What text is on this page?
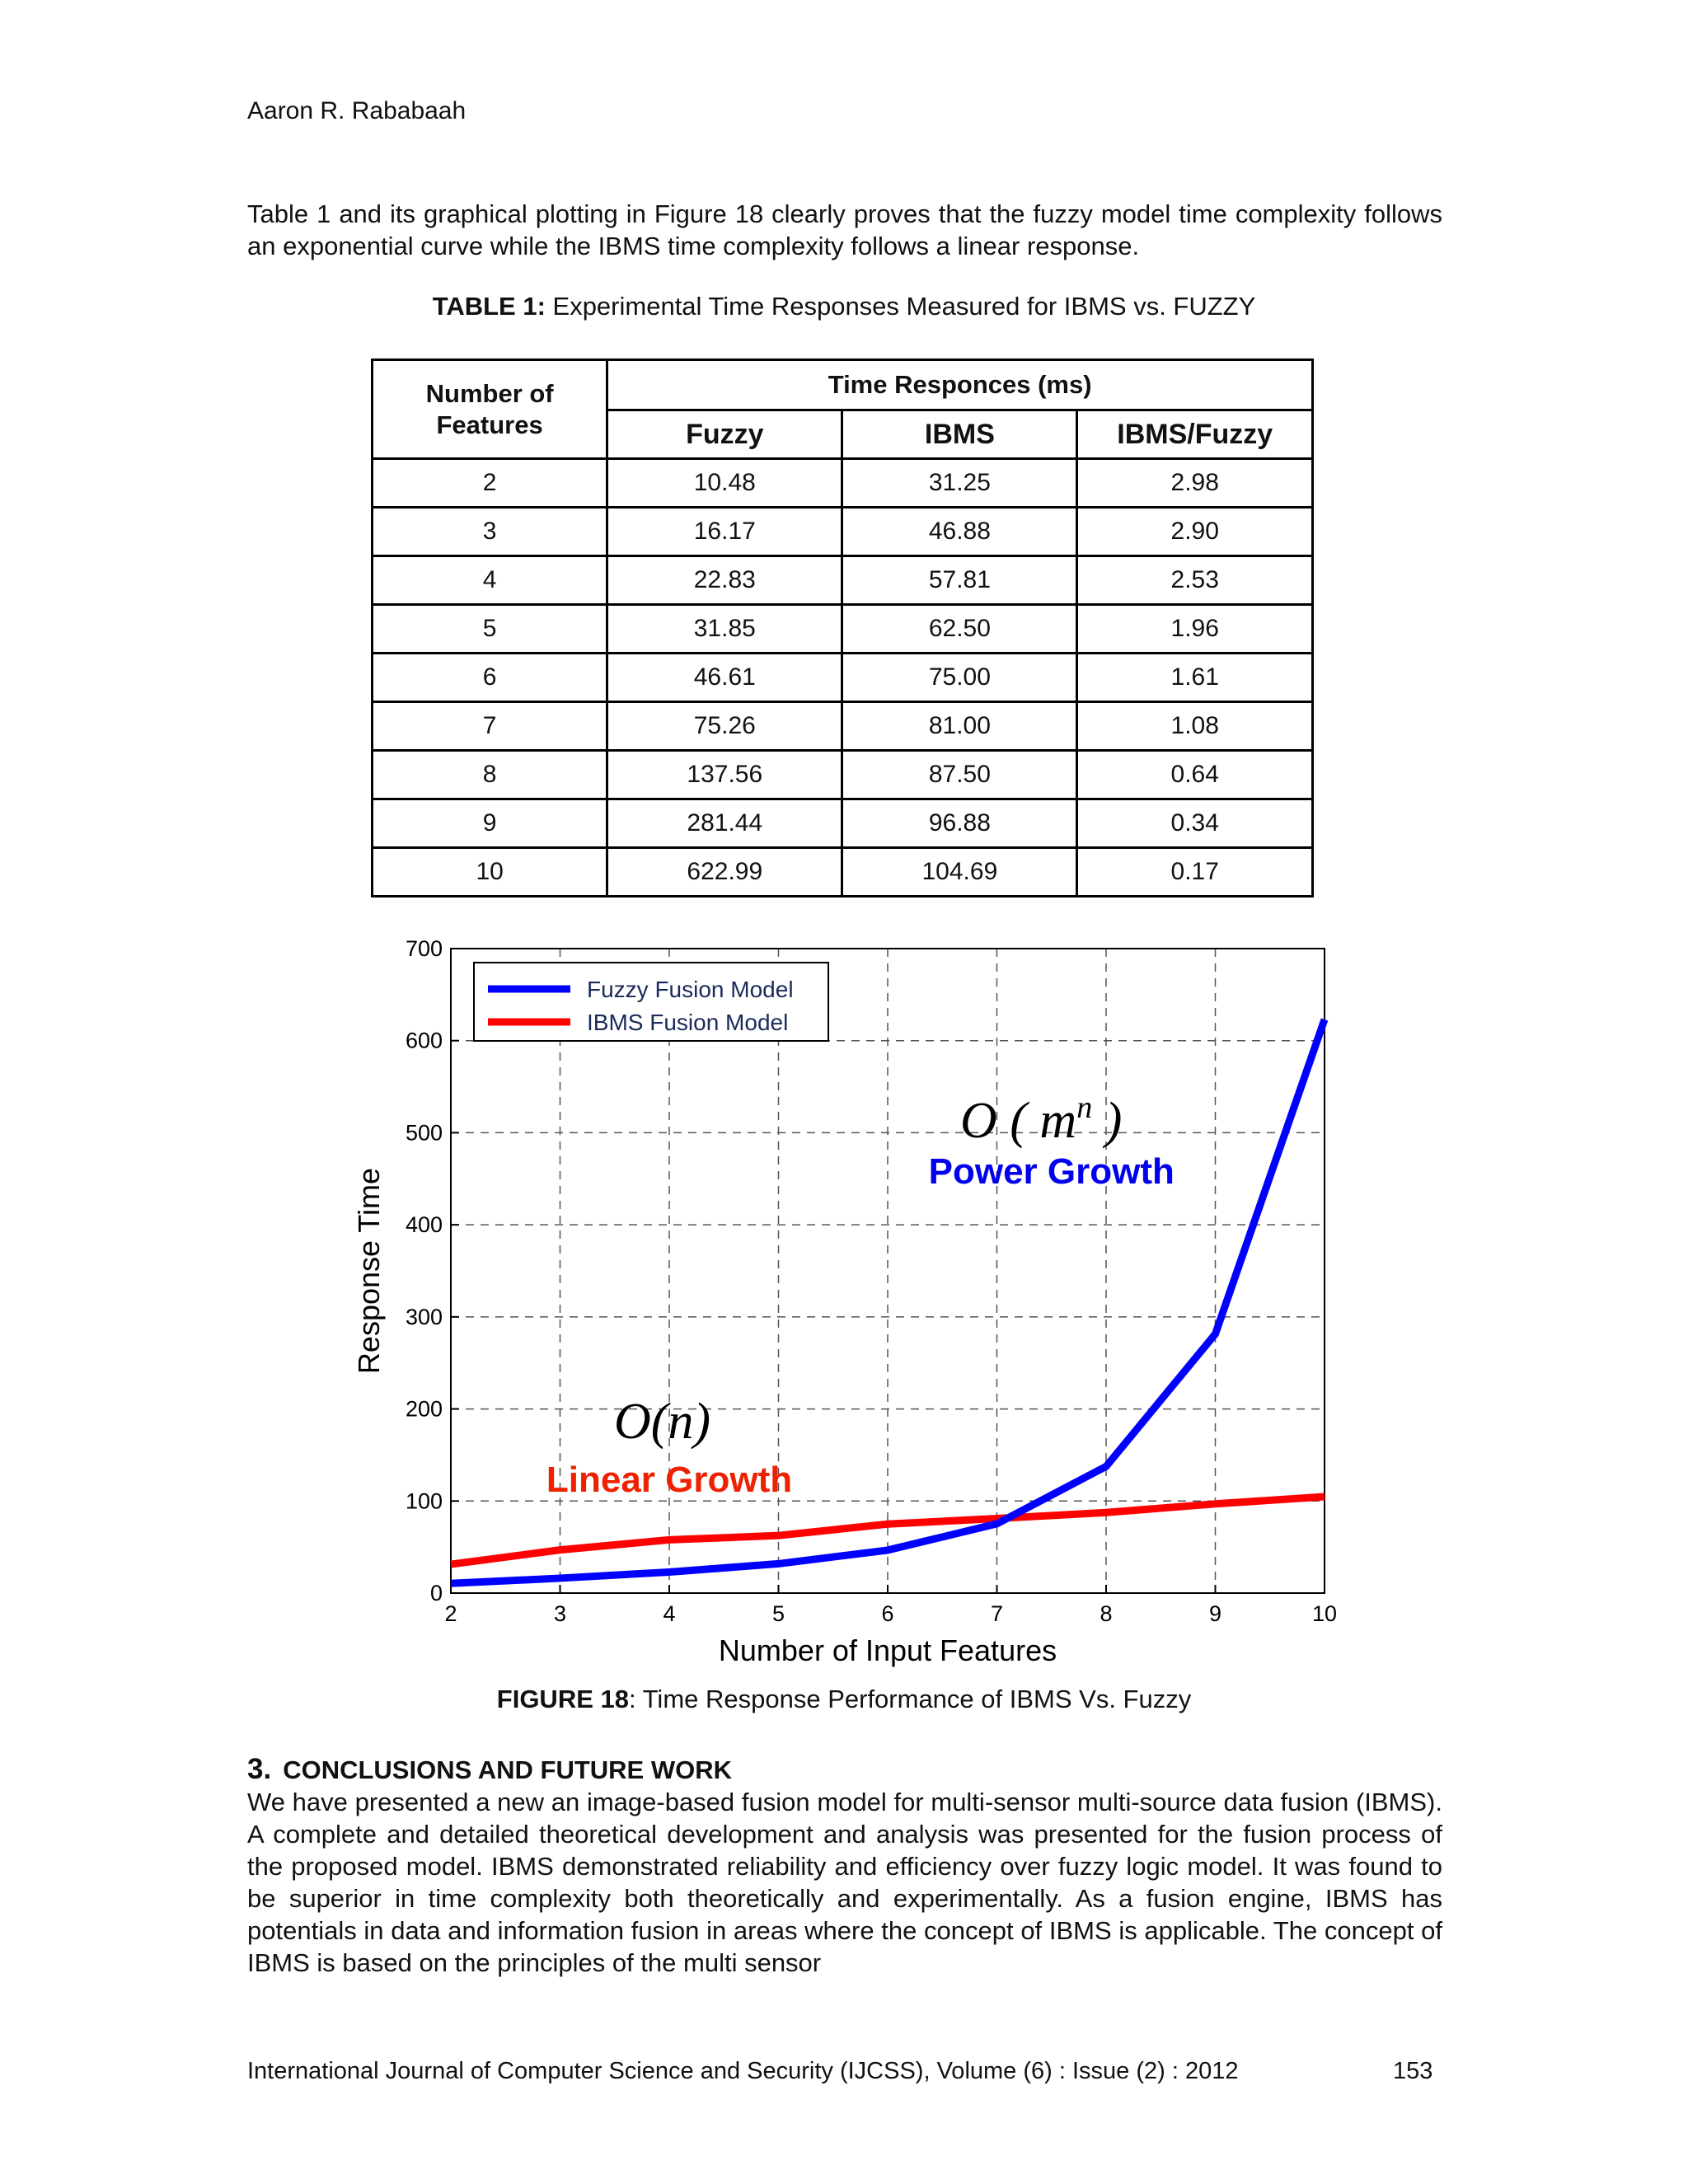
Aaron R. Rababaah
Table 1 and its graphical plotting in Figure 18 clearly proves that the fuzzy model time complexity follows an exponential curve while the IBMS time complexity follows a linear response.
TABLE 1: Experimental Time Responses Measured for IBMS vs. FUZZY
Number of Features	Time Responces (ms)		
	Fuzzy	IBMS	IBMS/Fuzzy
2	10.48	31.25	2.98
3	16.17	46.88	2.90
4	22.83	57.81	2.53
5	31.85	62.50	1.96
6	46.61	75.00	1.61
7	75.26	81.00	1.08
8	137.56	87.50	0.64
9	281.44	96.88	0.34
10	622.99	104.69	0.17
0
100
200
300
400
500
600
700
2	3	4	5	6	7	8	9	10
Fuzzy Fusion Model
IBMS Fusion Model
O ( $m^n$ )
O(n)
Power Growth
Linear Growth
Number of Input Features
Response Time
FIGURE 18: Time Response Performance of IBMS Vs. Fuzzy
3. CONCLUSIONS AND FUTURE WORK
We have presented a new an image-based fusion model for multi-sensor multi-source data fusion (IBMS). A complete and detailed theoretical development and analysis was presented for the fusion process of the proposed model. IBMS demonstrated reliability and efficiency over fuzzy logic model. It was found to be superior in time complexity both theoretically and experimentally. As a fusion engine, IBMS has potentials in data and information fusion in areas where the concept of IBMS is applicable. The concept of IBMS is based on the principles of the multi sensor
International Journal of Computer Science and Security (IJCSS), Volume (6) : Issue (2) : 2012	153
